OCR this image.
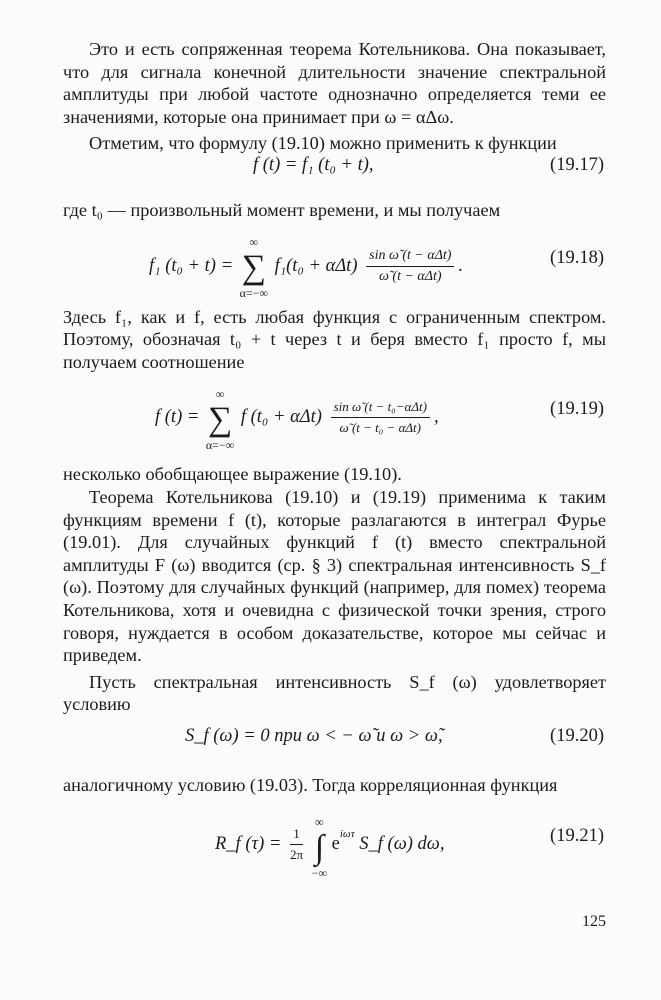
Это и есть сопряженная теорема Котельникова. Она показывает, что для сигнала конечной длительности значение спектральной амплитуды при любой частоте однозначно определяется теми ее значениями, которые она принимает при ω = αΔω.

Отметим, что формулу (19.10) можно применить к функции

f (t) = f₁ (t₀ + t),	(19.17)

где t₀ — произвольный момент времени, и мы получаем

f₁ (t₀ + t) = ∑
∞
α=−∞
$f_1(t_0 + \alpha\Delta t) \frac{\text{sin ω̃ (t − αΔt)}}{\text{ω̃ (t − αΔt)}}$ .	(19.18)

Здесь f₁, как и f, есть любая функция с ограниченным спектром. Поэтому, обозначая t₀ + t через t и беря вместо f₁ просто f, мы получаем соотношение

f (t) = ∑
∞
α=−∞
f $(t_0 + \alpha\Delta t) \frac{\text{sin ω̃ (t − t₀−αΔt)}}{\text{ω̃ (t − t₀ − αΔt)}}$ ,	(19.19)

несколько обобщающее выражение (19.10).

Теорема Котельникова (19.10) и (19.19) применима к таким функциям времени f (t), которые разлагаются в интеграл Фурье (19.01). Для случайных функций f (t) вместо спектральной амплитуды F (ω) вводится (ср. § 3) спектральная интенсивность S_f (ω). Поэтому для случайных функций (например, для помех) теорема Котельникова, хотя и очевидна с физической точки зрения, строго говоря, нуждается в особом доказательстве, которое мы сейчас и приведем.

Пусть спектральная интенсивность S_f (ω) удовлетворяет условию

S_f (ω) = 0 при ω < − ω̃ и ω > ω̃,	(19.20)

аналогичному условию (19.03). Тогда корреляционная функция

R_f $(\tau) = \frac{1}{2\pi}$ ∫
∞
−∞
$e^{i\omega\tau}$ S_f (ω) dω,	(19.21)
125
